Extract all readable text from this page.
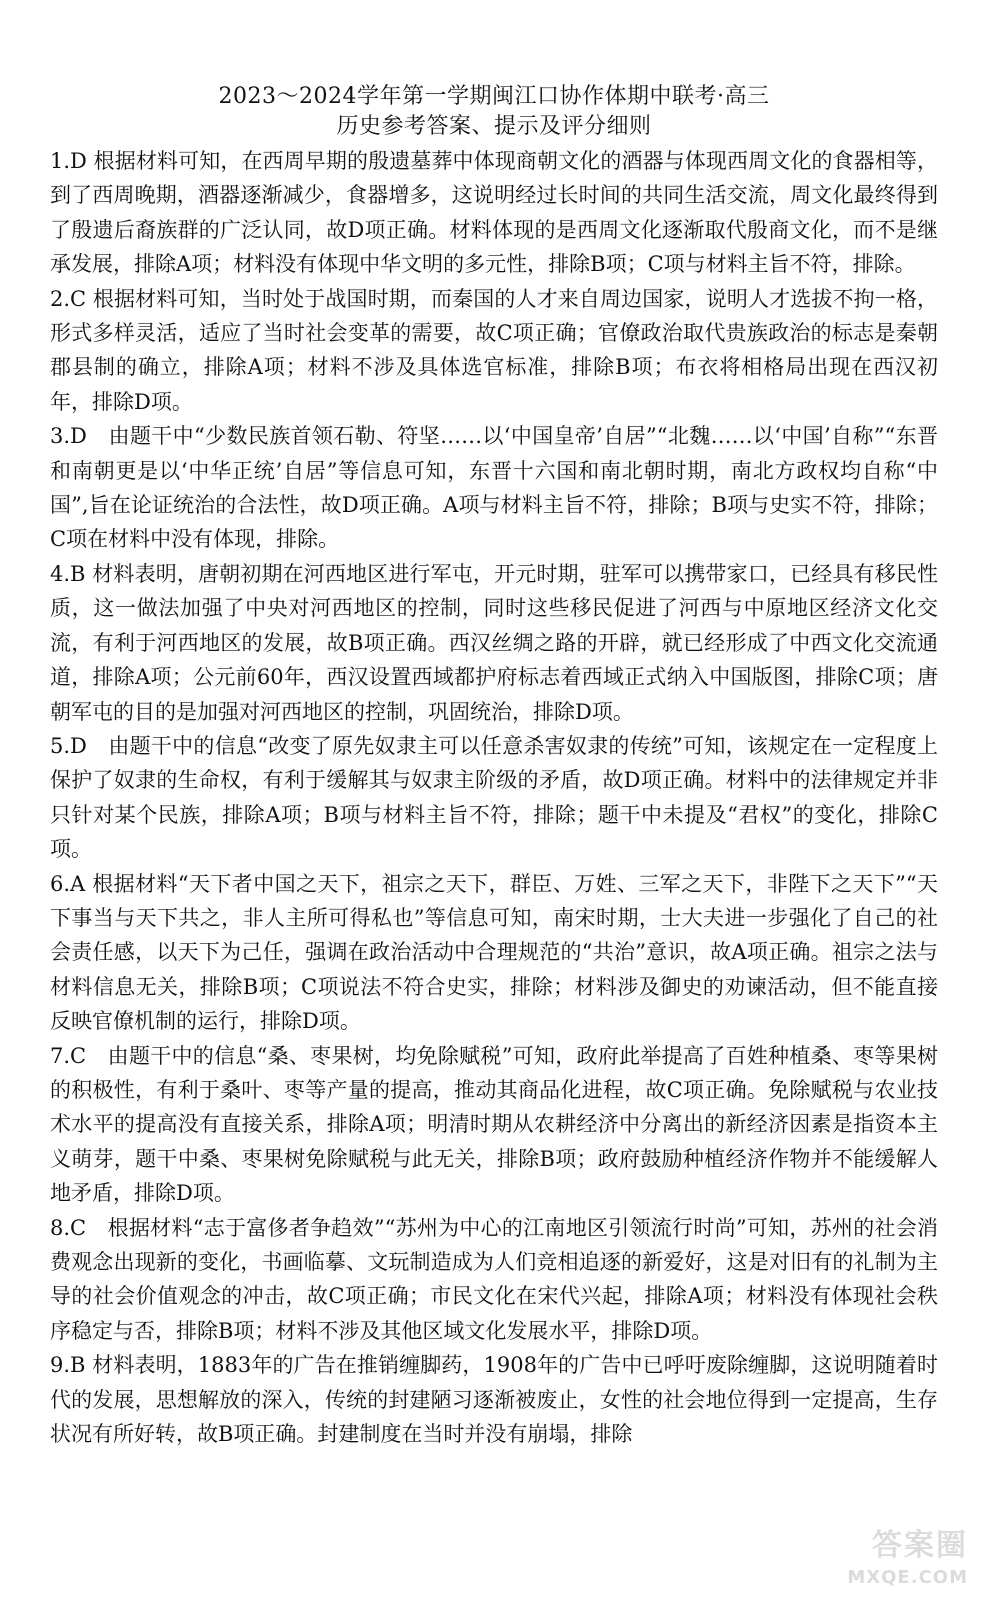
2023～2024学年第一学期闽江口协作体期中联考·高三
历史参考答案、提示及评分细则

1.D 根据材料可知，在西周早期的殷遗墓葬中体现商朝文化的酒器与体现西周文化的食器相等，到了西周晚期，酒器逐渐减少，食器增多，这说明经过长时间的共同生活交流，周文化最终得到了殷遗后裔族群的广泛认同，故D项正确。材料体现的是西周文化逐渐取代殷商文化，而不是继承发展，排除A项；材料没有体现中华文明的多元性，排除B项；C项与材料主旨不符，排除。

2.C 根据材料可知，当时处于战国时期，而秦国的人才来自周边国家，说明人才选拔不拘一格，形式多样灵活，适应了当时社会变革的需要，故C项正确；官僚政治取代贵族政治的标志是秦朝郡县制的确立，排除A项；材料不涉及具体选官标准，排除B项；布衣将相格局出现在西汉初年，排除D项。

3.D　由题干中“少数民族首领石勒、符坚……以‘中国皇帝’自居”“北魏……以‘中国’自称”“东晋和南朝更是以‘中华正统’自居”等信息可知，东晋十六国和南北朝时期，南北方政权均自称“中国”,旨在论证统治的合法性，故D项正确。A项与材料主旨不符，排除；B项与史实不符，排除；C项在材料中没有体现，排除。

4.B 材料表明，唐朝初期在河西地区进行军屯，开元时期，驻军可以携带家口，已经具有移民性质，这一做法加强了中央对河西地区的控制，同时这些移民促进了河西与中原地区经济文化交流，有利于河西地区的发展，故B项正确。西汉丝绸之路的开辟，就已经形成了中西文化交流通道，排除A项；公元前60年，西汉设置西域都护府标志着西域正式纳入中国版图，排除C项；唐朝军屯的目的是加强对河西地区的控制，巩固统治，排除D项。

5.D　由题干中的信息“改变了原先奴隶主可以任意杀害奴隶的传统”可知，该规定在一定程度上保护了奴隶的生命权，有利于缓解其与奴隶主阶级的矛盾，故D项正确。材料中的法律规定并非只针对某个民族，排除A项；B项与材料主旨不符，排除；题干中未提及“君权”的变化，排除C项。

6.A 根据材料“天下者中国之天下，祖宗之天下，群臣、万姓、三军之天下，非陛下之天下”“天下事当与天下共之，非人主所可得私也”等信息可知，南宋时期，士大夫进一步强化了自己的社会责任感，以天下为己任，强调在政治活动中合理规范的“共治”意识，故A项正确。祖宗之法与材料信息无关，排除B项；C项说法不符合史实，排除；材料涉及御史的劝谏活动，但不能直接反映官僚机制的运行，排除D项。

7.C　由题干中的信息“桑、枣果树，均免除赋税”可知，政府此举提高了百姓种植桑、枣等果树的积极性，有利于桑叶、枣等产量的提高，推动其商品化进程，故C项正确。免除赋税与农业技术水平的提高没有直接关系，排除A项；明清时期从农耕经济中分离出的新经济因素是指资本主义萌芽，题干中桑、枣果树免除赋税与此无关，排除B项；政府鼓励种植经济作物并不能缓解人地矛盾，排除D项。

8.C　根据材料“志于富侈者争趋效”“苏州为中心的江南地区引领流行时尚”可知，苏州的社会消费观念出现新的变化，书画临摹、文玩制造成为人们竞相追逐的新爱好，这是对旧有的礼制为主导的社会价值观念的冲击，故C项正确；市民文化在宋代兴起，排除A项；材料没有体现社会秩序稳定与否，排除B项；材料不涉及其他区域文化发展水平，排除D项。

9.B 材料表明，1883年的广告在推销缠脚药，1908年的广告中已呼吁废除缠脚，这说明随着时代的发展，思想解放的深入，传统的封建陋习逐渐被废止，女性的社会地位得到一定提高，生存状况有所好转，故B项正确。封建制度在当时并没有崩塌，排除

答案圈
MXQE.COM
